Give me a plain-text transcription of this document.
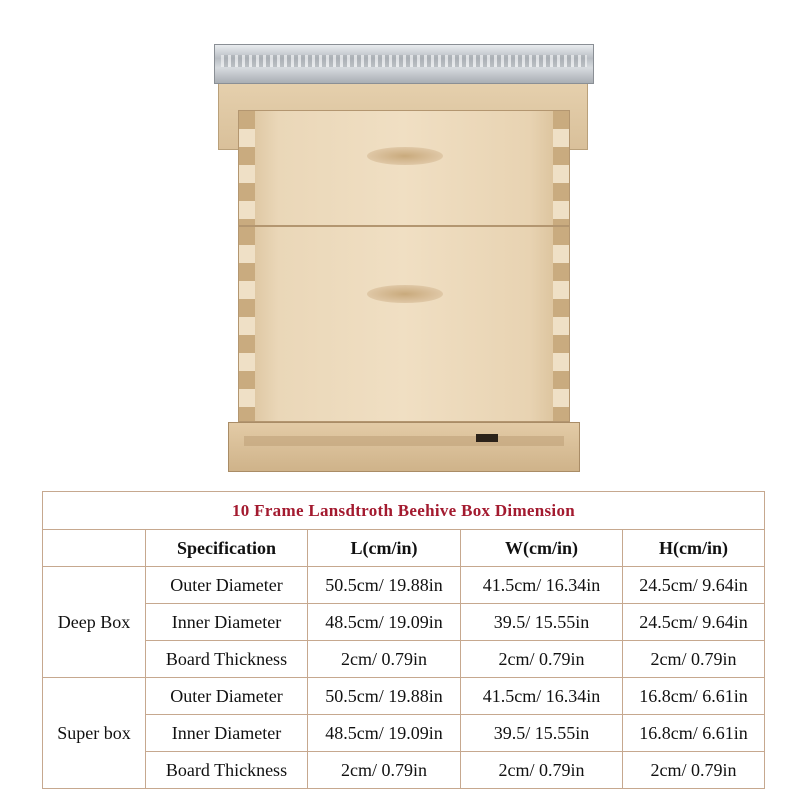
10 Frame Lansdtroth Beehive Box Dimension				
	Specification	L(cm/in)	W(cm/in)	H(cm/in)
Deep Box	Outer Diameter	50.5cm/ 19.88in	41.5cm/ 16.34in	24.5cm/ 9.64in
	Inner Diameter	48.5cm/ 19.09in	39.5/ 15.55in	24.5cm/ 9.64in
	Board Thickness	2cm/ 0.79in	2cm/ 0.79in	2cm/ 0.79in
Super box	Outer Diameter	50.5cm/ 19.88in	41.5cm/ 16.34in	16.8cm/ 6.61in
	Inner Diameter	48.5cm/ 19.09in	39.5/ 15.55in	16.8cm/ 6.61in
	Board Thickness	2cm/ 0.79in	2cm/ 0.79in	2cm/ 0.79in
